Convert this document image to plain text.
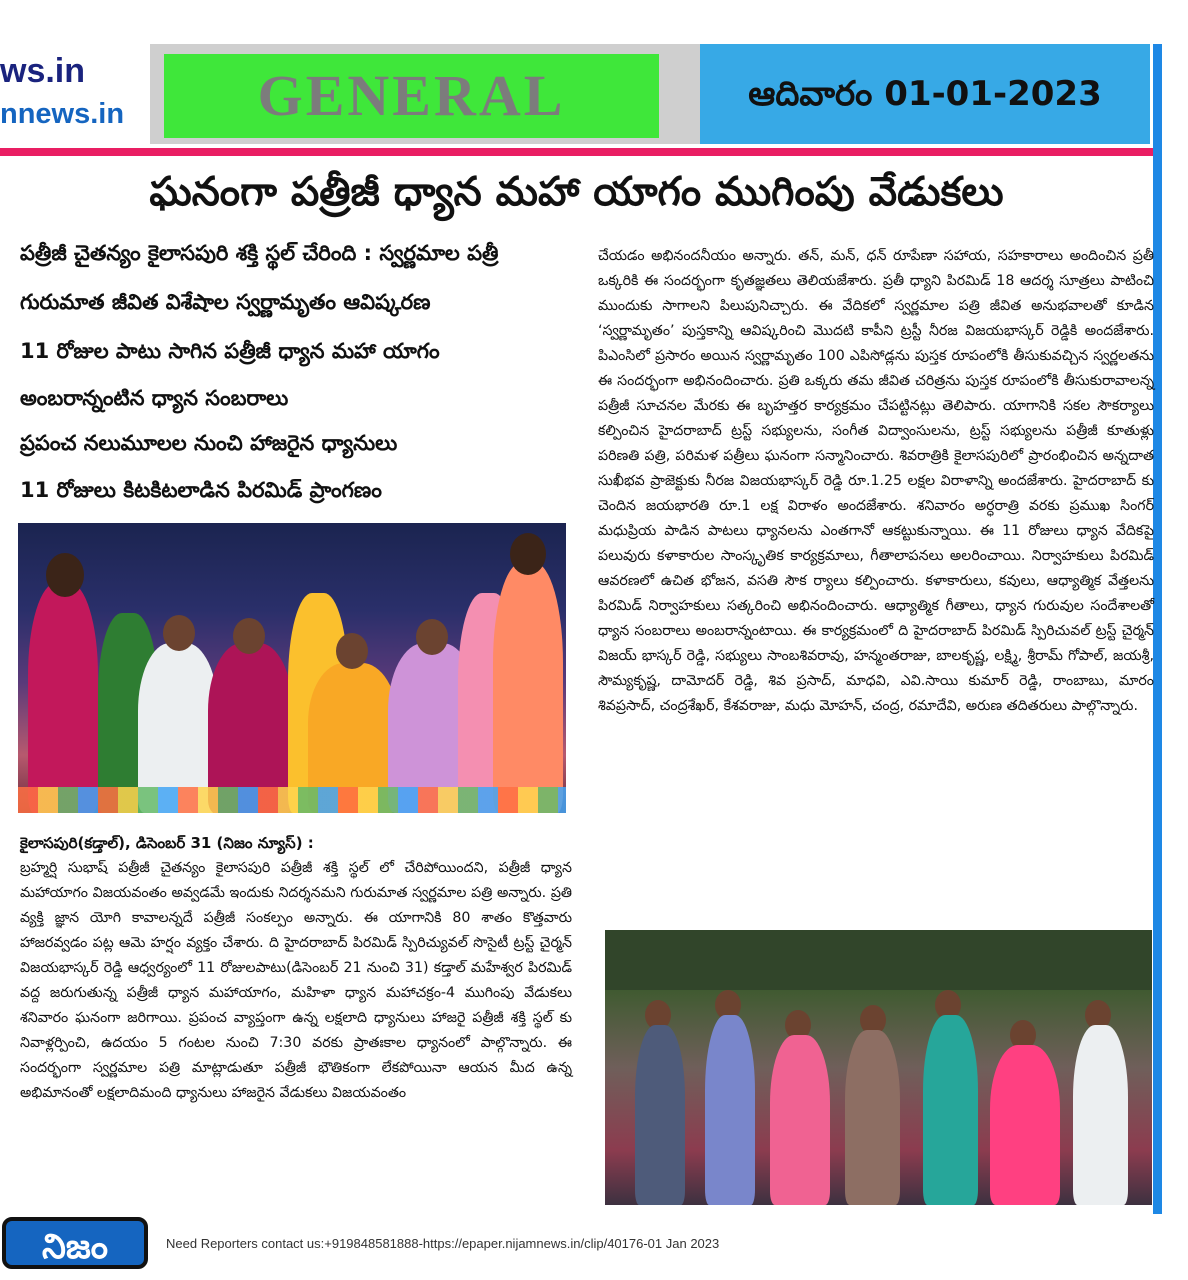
ws.in
nnews.in	GENERAL	ఆదివారం 01-01-2023
ఘనంగా పత్రీజీ ధ్యాన మహా యాగం ముగింపు వేడుకలు
పత్రీజీ చైతన్యం కైలాసపురి శక్తి స్థల్ చేరింది : స్వర్ణమాల పత్రీ
గురుమాత జీవిత విశేషాల స్వర్ణామృతం ఆవిష్కరణ
11 రోజుల పాటు సాగిన పత్రీజీ ధ్యాన మహా యాగం
అంబరాన్నంటిన ధ్యాన సంబరాలు
ప్రపంచ నలుమూలల నుంచి హాజరైన ధ్యానులు
11 రోజులు కిటకిటలాడిన పిరమిడ్ ప్రాంగణం
కైలాసపురి(కడ్తాల్), డిసెంబర్ 31 (నిజం న్యూస్) :
బ్రహ్మర్షి సుభాష్ పత్రీజీ చైతన్యం కైలాసపురి పత్రీజీ శక్తి స్థల్ లో చేరిపోయిందని, పత్రీజీ ధ్యాన మహాయాగం విజయవంతం అవ్వడమే ఇందుకు నిదర్శనమని గురుమాత స్వర్ణమాల పత్రి అన్నారు. ప్రతి వ్యక్తి జ్ఞాన యోగి కావాలన్నదే పత్రీజీ సంకల్పం అన్నారు. ఈ యాగానికి 80 శాతం కొత్తవారు హాజరవ్వడం పట్ల ఆమె హర్షం వ్యక్తం చేశారు. ది హైదరాబాద్ పిరమిడ్ స్పిరిచ్యువల్ సొసైటీ ట్రస్ట్ చైర్మన్ విజయభాస్కర్ రెడ్డి ఆధ్వర్యంలో 11 రోజులపాటు(డిసెంబర్ 21 నుంచి 31) కడ్తాల్ మహేశ్వర పిరమిడ్ వద్ద జరుగుతున్న పత్రీజీ ధ్యాన మహాయాగం, మహిళా ధ్యాన మహాచక్రం-4 ముగింపు వేడుకలు శనివారం ఘనంగా జరిగాయి. ప్రపంచ వ్యాప్తంగా ఉన్న లక్షలాది ధ్యానులు హాజరై పత్రీజీ శక్తి స్థల్ కు నివాళ్లర్పించి, ఉదయం 5 గంటల నుంచి 7:30 వరకు ప్రాతఃకాల ధ్యానంలో పాల్గొన్నారు. ఈ సందర్భంగా స్వర్ణమాల పత్రి మాట్లాడుతూ పత్రీజీ భౌతికంగా లేకపోయినా ఆయన మీద ఉన్న అభిమానంతో లక్షలాదిమంది ధ్యానులు హాజరైన వేడుకలు విజయవంతం
చేయడం అభినందనీయం అన్నారు. తన్, మన్, ధన్ రూపేణా సహాయ, సహకారాలు అందించిన ప్రతీ ఒక్కరికి ఈ సందర్భంగా కృతజ్ఞతలు తెలియజేశారు. ప్రతీ ధ్యాని పిరమిడ్ 18 ఆదర్శ సూత్రలు పాటించి ముందుకు సాగాలని పిలుపునిచ్చారు. ఈ వేదికలో స్వర్ణమాల పత్రి జీవిత అనుభవాలతో కూడిన ‘స్వర్ణామృతం’ పుస్తకాన్ని ఆవిష్కరించి మొదటి కాపీని ట్రస్టీ నీరజ విజయభాస్కర్ రెడ్డికి అందజేశారు. పిఎంసిలో ప్రసారం అయిన స్వర్ణామృతం 100 ఎపిసోడ్లను పుస్తక రూపంలోకి తీసుకువచ్చిన స్వర్ణలతను ఈ సందర్భంగా అభినందించారు. ప్రతి ఒక్కరు తమ జీవిత చరిత్రను పుస్తక రూపంలోకి తీసుకురావాలన్న పత్రీజీ సూచనల మేరకు ఈ బృహత్తర కార్యక్రమం చేపట్టినట్లు తెలిపారు. యాగానికి సకల సౌకర్యాలు కల్పించిన హైదరాబాద్ ట్రస్ట్ సభ్యులను, సంగీత విద్వాంసులను, ట్రస్ట్ సభ్యులను పత్రీజీ కూతుళ్లు పరిణతి పత్రి, పరిమళ పత్రీలు ఘనంగా సన్మానించారు. శివరాత్రికి కైలాసపురిలో ప్రారంభించిన అన్నదాత సుఖీభవ ప్రాజెక్టుకు నీరజ విజయభాస్కర్ రెడ్డి రూ.1.25 లక్షల విరాళాన్ని అందజేశారు. హైదరాబాద్ కు చెందిన జయభారతి రూ.1 లక్ష విరాళం అందజేశారు. శనివారం అర్ధరాత్రి వరకు ప్రముఖ సింగర్ మధుప్రియ పాడిన పాటలు ధ్యానలను ఎంతగానో ఆకట్టుకున్నాయి. ఈ 11 రోజులు ధ్యాన వేదికపై పలువురు కళాకారుల సాంస్కృతిక కార్యక్రమాలు, గీతాలాపనలు అలరించాయి. నిర్వాహకులు పిరమిడ్ ఆవరణలో ఉచిత భోజన, వసతి సౌక ర్యాలు కల్పించారు. కళాకారులు, కవులు, ఆధ్యాత్మిక వేత్తలను పిరమిడ్ నిర్వాహకులు సత్కరించి అభినందించారు. ఆధ్యాత్మిక గీతాలు, ధ్యాన గురువుల సందేశాలతో ధ్యాన సంబరాలు అంబరాన్నంటాయి. ఈ కార్యక్రమంలో ది హైదరాబాద్ పిరమిడ్ స్పిరిచువల్ ట్రస్ట్ చైర్మన్ విజయ్ భాస్కర్ రెడ్డి, సభ్యులు సాంబశివరావు, హన్మంతరాజు, బాలకృష్ణ, లక్ష్మి, శ్రీరామ్ గోపాల్, జయశ్రీ, సౌమ్యకృష్ణ, దామోదర్ రెడ్డి, శివ ప్రసాద్, మాధవి, ఎవి.సాయి కుమార్ రెడ్డి, రాంబాబు, మారం శివప్రసాద్, చంద్రశేఖర్, కేశవరాజు, మధు మోహన్, చంద్ర, రమాదేవి, అరుణ తదితరులు పాల్గొన్నారు.
నిజం	Need Reporters contact us:+919848581888-https://epaper.nijamnews.in/clip/40176-01 Jan 2023
